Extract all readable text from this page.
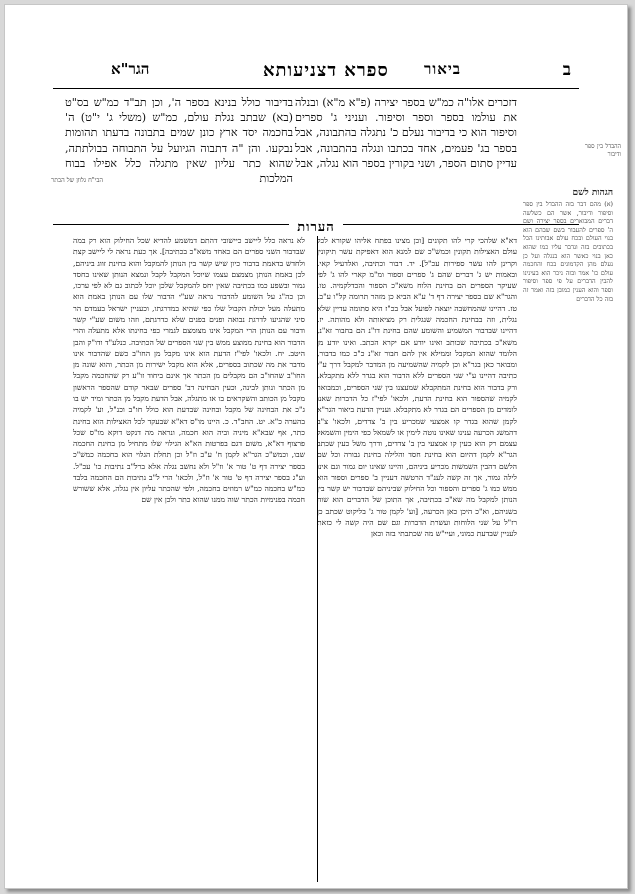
ב
ביאור
ספרא דצניעותא
הגר"א

ההבדל בין ספר ודיבור

דזכרים אלו"ה כמ"ש בספר יצירה (פ"א מ"א) ובנלה את עולמו בספר וספר וסיפור. ועניני ג' ספרים וסיפור הוא כי בדיבור נעלם כ' נתגלה בהתבונה, אבל בספר בג' פעמים, אחד בכתבו ונגלה בהתבונה, אבל עדיין סתום הספר, ושני בקורין בספר הוא נגלה, אבל

בדיבור כולל בנינא בספר ה', וכן תב"ד כמ"ש בס"ט (בא) שבתב נגלת עולם, כמ"ש (משלי ג' י"ט) ה' בחכמה יסד ארץ כונן שמים בתבונה בדעתו תהומות נבקעו. והן "ה דתבוה הגיועל על התבוחה בבולתתה, שהוא כתר עליון שאין מתגלה כלל אפילו בבוח המלכות

הגהות לשם

(א) מהם דבר בזה ההבדל בין ספר וסיפור ודיבור, אשר הם כשלשה דברים המבוארים בספר יצירה ושם ה' ספרים להעבור בשם שבהם הוא בנוי העולם ובכח עולם אבותינו הכל בכתובים בזה ונדבר עליו כמו שהוא כאן בנוי כאשר הוא בנגלה ועל כן נעלם מהן הקדמונים בכח והחכמה עולם כו' אמר ובזה ניכר הוא בעינינו להבין הדברים על פי ספר וסיפור וספר והוא הענין כמובן בזה ואמר זה בזה כל הדברים

הבי"ח גלוון של הכתר

הערות

דא"א שלהכי קרי להו תקונים [וכן מצינו בפתח אליהו שקורא לכל עולם האצילות תקונין וכמש"כ שם למנא הוא דאפיקת עשר תיקונין וקרינן להו עשר ספירות עכ"ל]. יד. דבור וכתיבה, ואלדעיל קאי. ובאמות יש ג' דברים שהם ג' ספרים וספור ומ"מ קארי להו ג' לפי שעיקר הספרים הם בחינת הלוח משא"כ הספור והכדלקמיה. טו. והגר"א שם בספר יצירה דף ד' ע"א הביא כן מזהר תרומה קל"ו ע"ב. טז. דהיינו שהמחשבה יוצאה לפועל אבל בכ"ז היא סתומה עדיין שלא נגלית, וזה בבחינת החכמה שנגלית רק מציאותה ולא מהותה. יז. דהיינו שבדבור המשמיע והשומע שהם בחינת דו"נ הם בחבור זא"נ, משא"כ בכתיבה שכותב ואינו יודע אם יקרא הכתב. ואינו יודע מן הלומד שהוא המקבל וממילא אין להם חבור זא"נ כ"כ כמו בדבור, ומבואר כאן בגר"א וכן לקמיה שהשמיעה מן המדבר למקבל דרך ע"י כתיבה דהיינו ע"י שני הספרים ללא הדבור הוא בגדר ללא מתקבלא, ורק בדבור הוא בחינת המתקבלא שמעצנו בין שני הספרים, וכמבואר לקמיה שהספור הוא בחינת הדעת, ולכאו' לפי"ז כל הדברות שאנו לומדים מן הספרים הם בגדר לא מתקבלא. ועניין הדעת ביאור הגר"א לקמן שהוא בגדר קו אמצעי שמכריע בין ב' צדדים, ולכאו' צ"ב דהמשג הכרעה ענינו שאינו נוטה לימין או לשמאל כפי הימין והשמאל עצמם רק הוא כעין קו אמצעי בין ב' צדדים, ודרך משל כעין שכתב הגר"א לקמן דהיום הוא בחינת חסד והלילה בחינת גבורה וכל שם הלשם דהבין השמשות מכריע ביניהם, והיינו שאינו יום גמור וגם אינו לילה גמור, אך זה קשה לענ"ד הרטשה דעניין ב' ספרים וספור הוא ממש כמו ג' ספרים והספור וכל החילוק שביניהם שבדבור יש קשר בין הנותן למקבל מה שא"כ בכתיבה, אך התוכן של הדברים הוא שוה בשניהם, וא"כ היכן כאן הכרעה, [וע' לקמן טור ג' בליקוט שכתב כן רז"ל על שני הלוחות ועשרת הדברות וגם שם היה קשה לי כזאת לעניין שבדעת כמוני, ועיי"ש מה שכתבתי בזה וכאן

לא נראה כלל ליישב כיישובי דהתם דמשמע להדיא שכל החילוק הוא רק במה שבדבור השני ספרים הם כאחד משא"כ בכתיבה]. אך כעת נראה לי ליישב קצת ולחדש בדאמת בדבור כיון שיש קשר בין הנותן להמקבל והוא בחינת זווג ביניהם, לכן באמת הנותן מצמצם עצמו שיוכל המקבל לקבל ונמצא הנותן שאינו בחסד גמור ובשפע כמו בכתיבה שאין יחס להמקבל שלכן יוכל לכתוב גם לא לפי ערכו, וכן כה"ג על השומע להדבור נראה שע"י הדבור שלו עם הנותן באמת הוא מתעלה מעל יכולת הקבול שלו כפי שהיא במדרגתו, וכעניין ישראל בעמדם הר סיני שהגיעו לדרגת נבואה ופנים בפנים שלא כדרגתם, וזהו משום שע"י קשר ודבור עם הנותן הרי המקבל אינו מצומצם לגמרי כפי בחינתו אלא מתעלה והרי הדבור הוא בחינת ממוצע ממש בין שני הספרים של הכתיבה. כנלע"ד ודו"ק והבן היטב. יח. ולכאו' לפי"ז הדעת הוא אינו מקבל מן החו"ב כשם שהדבור אינו מדבר את מה שכתוב בספרים, אלא הוא מקבל ישירות מן הכתר, והוא שונה מן החו"ב שהחו"ב הם מקבלים מן הכתר אך אינם ביחוד זו"ע רק שהחכמה מקבל מן הכתר ונותן לבינה, וכעין הבחינה דב' ספרים שבאר קודם שהספר הראשון מקבל מן הכותב והשקראים בו אז מתגלה, אבל הדעת מקבל מן הכתר ומיד יש בו ג"כ את הבחינה של מקבל ובחינה שבדעת הוא כולל חו"ב וכנ"ל, וע' לקמיה בהערה כ"א. יט. החב"ד. כ. היינו מו"ס דא"א שבעקד לכל האצילות הוא בחינת כתר, אף שבא"א מיניה וביה הוא חכמה, ונראה מה דנקט דוקא מו"ס שכל פרצוף דא"א, משום דגם בפרטות הא"א הגילוי שלו מתחיל מן בחינת החכמה שבו, וכמש"כ הגר"א לקמן ח' ע"ב וז"ל וכן תחלת הגלוי הוא בחכמה כמש"כ בספר יצירה דף ט' טור א' וז"ל ולא נחשב נגלה אלא ברל"ב נתיבות כו' עכ"ל. וע"ג בספר יצירה דף ט' טור א' וז"ל, ולכאו' הרי ל"ב נתיבות הם החכמה בלבד כמ"ש בחכמה כמ"ש רמוזים בחכמה, ולפי שהכתר עליון אין נגלה, אלא ששורש חכמה בפנימיות הכתר שוה ממנו שהוא כתר ולכן אין שם
